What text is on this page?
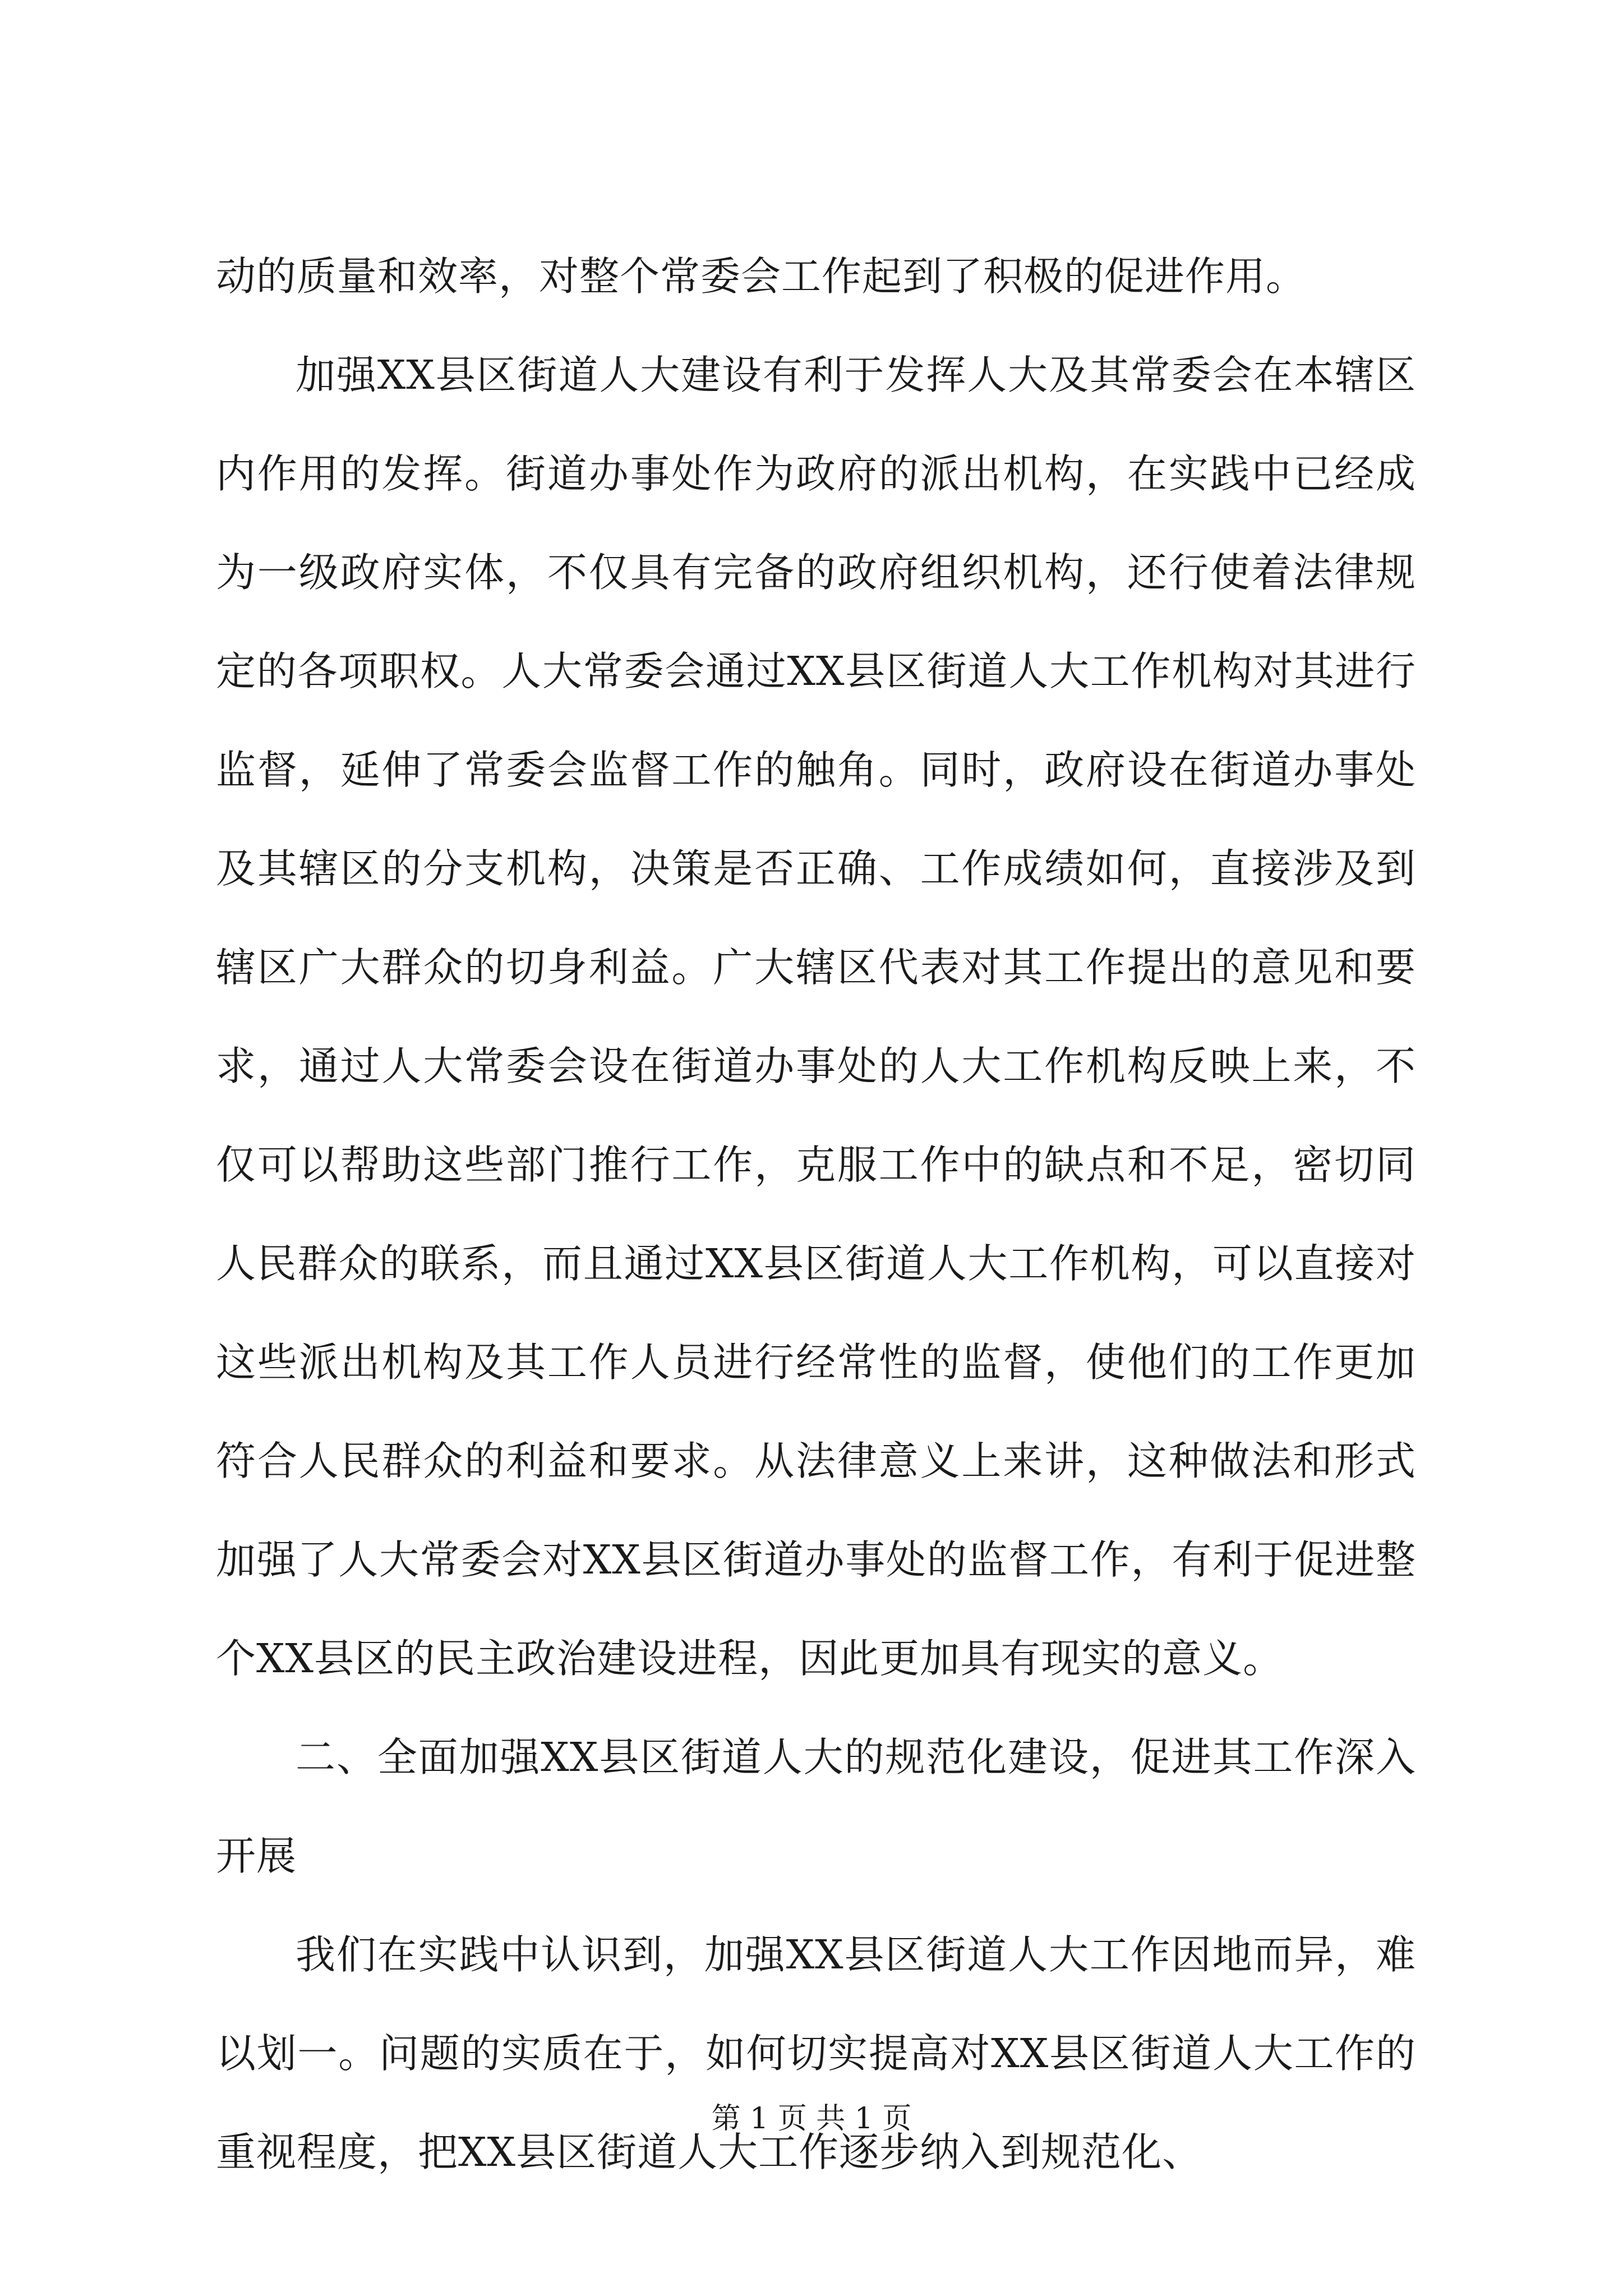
动的质量和效率，对整个常委会工作起到了积极的促进作用。

加强XX县区街道人大建设有利于发挥人大及其常委会在本辖区内作用的发挥。街道办事处作为政府的派出机构，在实践中已经成为一级政府实体，不仅具有完备的政府组织机构，还行使着法律规定的各项职权。人大常委会通过XX县区街道人大工作机构对其进行监督，延伸了常委会监督工作的触角。同时，政府设在街道办事处及其辖区的分支机构，决策是否正确、工作成绩如何，直接涉及到辖区广大群众的切身利益。广大辖区代表对其工作提出的意见和要求，通过人大常委会设在街道办事处的人大工作机构反映上来，不仅可以帮助这些部门推行工作，克服工作中的缺点和不足，密切同人民群众的联系，而且通过XX县区街道人大工作机构，可以直接对这些派出机构及其工作人员进行经常性的监督，使他们的工作更加符合人民群众的利益和要求。从法律意义上来讲，这种做法和形式加强了人大常委会对XX县区街道办事处的监督工作，有利于促进整个XX县区的民主政治建设进程，因此更加具有现实的意义。

二、全面加强XX县区街道人大的规范化建设，促进其工作深入开展

我们在实践中认识到，加强XX县区街道人大工作因地而异，难以划一。问题的实质在于，如何切实提高对XX县区街道人大工作的重视程度，把XX县区街道人大工作逐步纳入到规范化、

第 1 页 共 1 页
